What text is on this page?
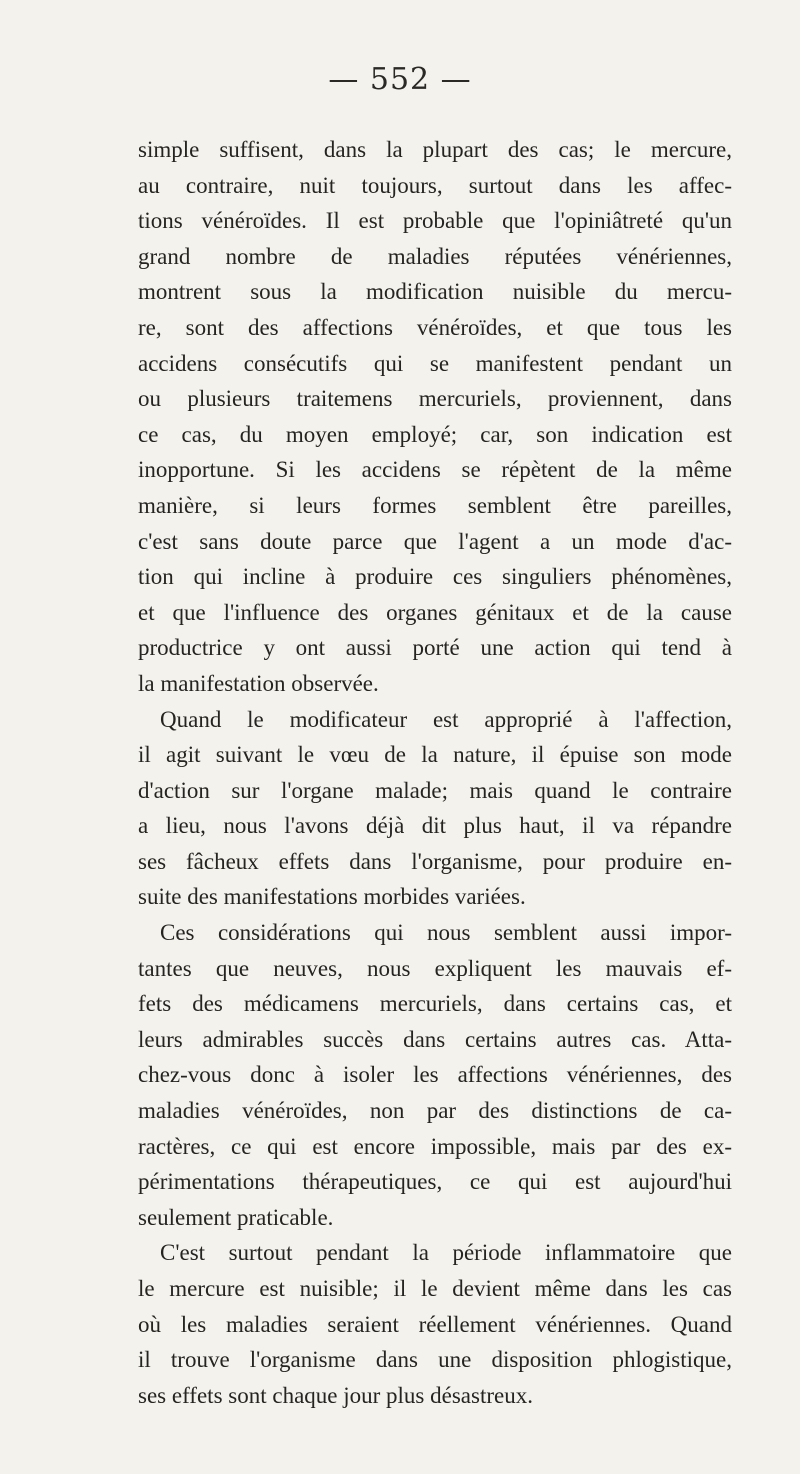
— 552 —
simple suffisent, dans la plupart des cas; le mercure,
au contraire, nuit toujours, surtout dans les affec-
tions vénéroïdes. Il est probable que l'opiniâtreté qu'un
grand nombre de maladies réputées vénériennes,
montrent sous la modification nuisible du mercu-
re, sont des affections vénéroïdes, et que tous les
accidens consécutifs qui se manifestent pendant un
ou plusieurs traitemens mercuriels, proviennent, dans
ce cas, du moyen employé; car, son indication est
inopportune. Si les accidens se répètent de la même
manière, si leurs formes semblent être pareilles,
c'est sans doute parce que l'agent a un mode d'ac-
tion qui incline à produire ces singuliers phénomènes,
et que l'influence des organes génitaux et de la cause
productrice y ont aussi porté une action qui tend à
la manifestation observée.
Quand le modificateur est approprié à l'affection,
il agit suivant le vœu de la nature, il épuise son mode
d'action sur l'organe malade; mais quand le contraire
a lieu, nous l'avons déjà dit plus haut, il va répandre
ses fâcheux effets dans l'organisme, pour produire en-
suite des manifestations morbides variées.
Ces considérations qui nous semblent aussi impor-
tantes que neuves, nous expliquent les mauvais ef-
fets des médicamens mercuriels, dans certains cas, et
leurs admirables succès dans certains autres cas. Atta-
chez-vous donc à isoler les affections vénériennes, des
maladies vénéroïdes, non par des distinctions de ca-
ractères, ce qui est encore impossible, mais par des ex-
périmentations thérapeutiques, ce qui est aujourd'hui
seulement praticable.
C'est surtout pendant la période inflammatoire que
le mercure est nuisible; il le devient même dans les cas
où les maladies seraient réellement vénériennes. Quand
il trouve l'organisme dans une disposition phlogistique,
ses effets sont chaque jour plus désastreux.
